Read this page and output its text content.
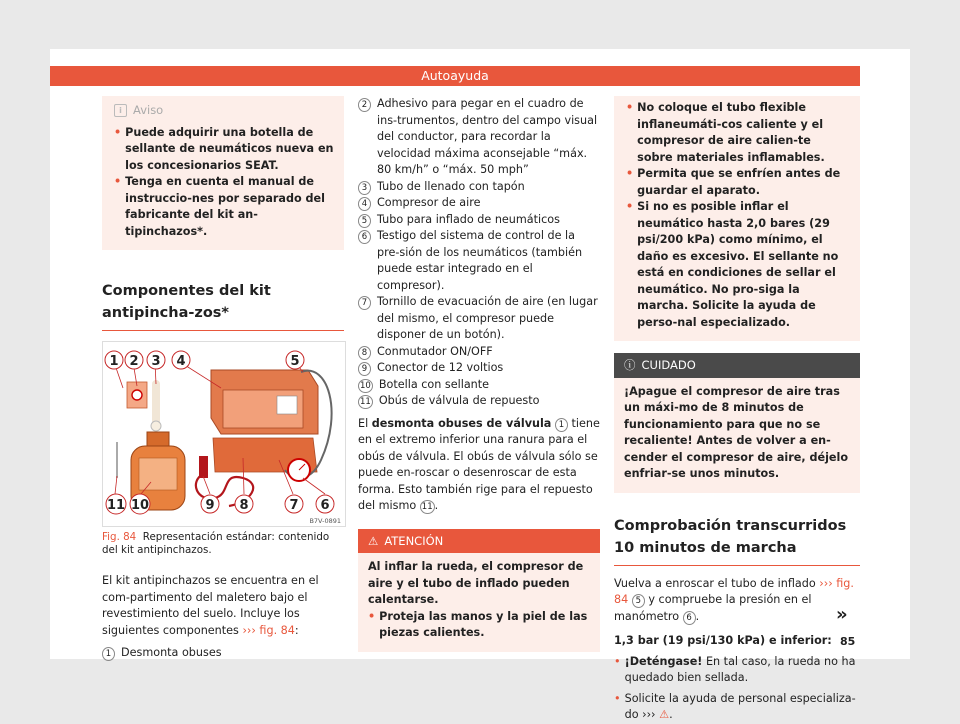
Autoayuda
i Aviso
• Puede adquirir una botella de sellante de neumáticos nueva en los concesionarios SEAT.
• Tenga en cuenta el manual de instruccio-nes por separado del fabricante del kit an-tipinchazos*.
Componentes del kit antipincha-zos*
1 2 3 4	5
11 10	9 8	7 6
B7V-0891

Fig. 84 Representación estándar: contenido del kit antipinchazos.

El kit antipinchazos se encuentra en el com-partimento del maletero bajo el revestimiento del suelo. Incluye los siguientes componentes ››› fig. 84:

1 Desmonta obuses
2 Adhesivo para pegar en el cuadro de ins-trumentos, dentro del campo visual del conductor, para recordar la velocidad máxima aconsejable “máx. 80 km/h” o “máx. 50 mph”
3 Tubo de llenado con tapón
4 Compresor de aire
5 Tubo para inflado de neumáticos
6 Testigo del sistema de control de la pre-sión de los neumáticos (también puede estar integrado en el compresor).
7 Tornillo de evacuación de aire (en lugar del mismo, el compresor puede disponer de un botón).
8 Conmutador ON/OFF
9 Conector de 12 voltios
10 Botella con sellante
11 Obús de válvula de repuesto

El desmonta obuses de válvula 1 tiene en el extremo inferior una ranura para el obús de válvula. El obús de válvula sólo se puede en-roscar o desenroscar de esta forma. Esto también rige para el repuesto del mismo 11 .

⚠ ATENCIÓN

Al inflar la rueda, el compresor de aire y el tubo de inflado pueden calentarse.

• Proteja las manos y la piel de las piezas calientes.
• No coloque el tubo flexible inflaneumáti-cos caliente y el compresor de aire calien-te sobre materiales inflamables.
• Permita que se enfríen antes de guardar el aparato.
• Si no es posible inflar el neumático hasta 2,0 bares (29 psi/200 kPa) como mínimo, el daño es excesivo. El sellante no está en condiciones de sellar el neumático. No pro-siga la marcha. Solicite la ayuda de perso-nal especializado.
ⓘ CUIDADO
¡Apague el compresor de aire tras un máxi-mo de 8 minutos de funcionamiento para que no se recaliente! Antes de volver a en-cender el compresor de aire, déjelo enfriar-se unos minutos.
Comprobación transcurridos 10 minutos de marcha

Vuelva a enroscar el tubo de inflado ››› fig. 84 5 y compruebe la presión en el manómetro 6 .

1,3 bar (19 psi/130 kPa) e inferior:

• ¡Deténgase! En tal caso, la rueda no ha quedado bien sellada.
• Solicite la ayuda de personal especializa-do ››› ⚠.
»
85
